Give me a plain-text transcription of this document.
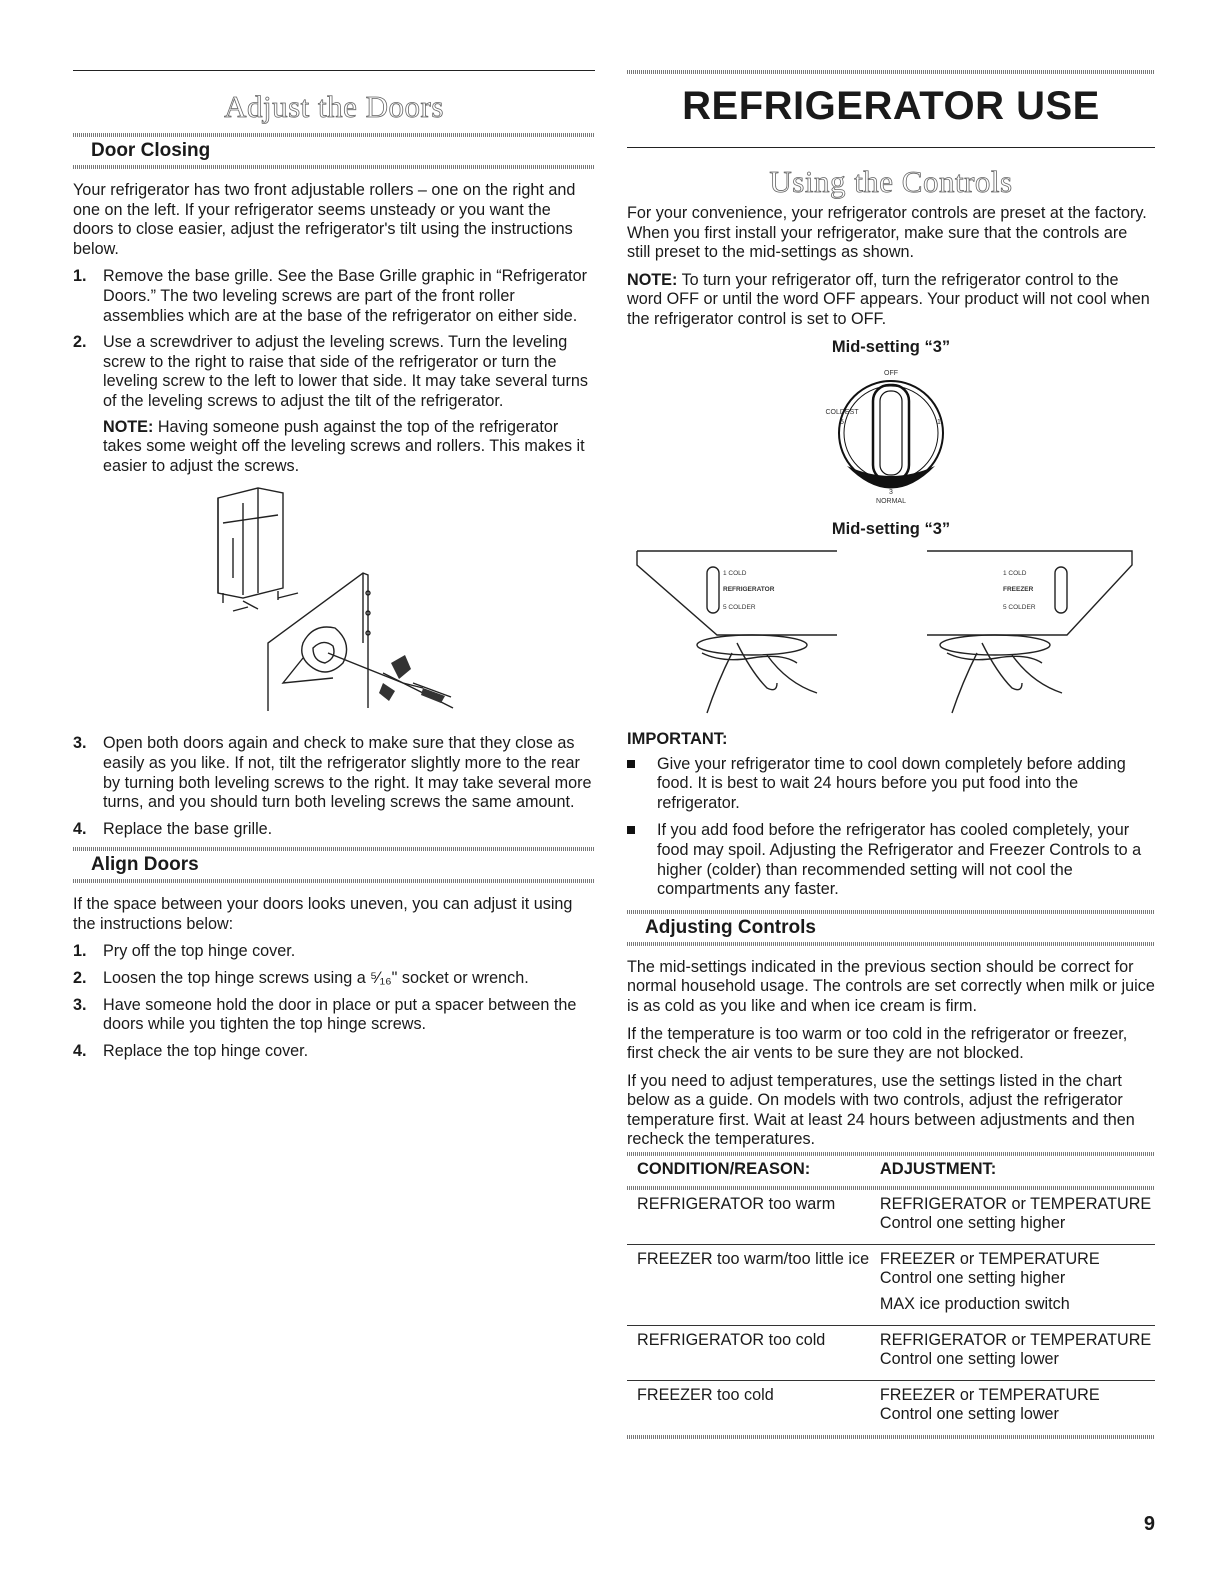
Adjust the Doors
Door Closing

Your refrigerator has two front adjustable rollers – one on the right and one on the left. If your refrigerator seems unsteady or you want the doors to close easier, adjust the refrigerator's tilt using the instructions below.

1. Remove the base grille. See the Base Grille graphic in “Refrigerator Doors.” The two leveling screws are part of the front roller assemblies which are at the base of the refrigerator on either side.
2. Use a screwdriver to adjust the leveling screws. Turn the leveling screw to the right to raise that side of the refrigerator or turn the leveling screw to the left to lower that side. It may take several turns of the leveling screws to adjust the tilt of the refrigerator.
NOTE: Having someone push against the top of the refrigerator takes some weight off the leveling screws and rollers. This makes it easier to adjust the screws.
3. Open both doors again and check to make sure that they close as easily as you like. If not, tilt the refrigerator slightly more to the rear by turning both leveling screws to the right. It may take several more turns, and you should turn both leveling screws the same amount.
4. Replace the base grille.
Align Doors

If the space between your doors looks uneven, you can adjust it using the instructions below:

1. Pry off the top hinge cover.
2. Loosen the top hinge screws using a ⁵⁄₁₆" socket or wrench.
3. Have someone hold the door in place or put a spacer between the doors while you tighten the top hinge screws.
4. Replace the top hinge cover.
REFRIGERATOR USE
Using the Controls

For your convenience, your refrigerator controls are preset at the factory. When you first install your refrigerator, make sure that the controls are still preset to the mid-settings as shown.

NOTE: To turn your refrigerator off, turn the refrigerator control to the word OFF or until the word OFF appears. Your product will not cool when the refrigerator control is set to OFF.

Mid-setting “3”
OFF
COLDEST
5	1
3
NORMAL
Mid-setting “3”
1 COLD
REFRIGERATOR
5 COLDER
1 COLD
FREEZER
5 COLDER
IMPORTANT:
Give your refrigerator time to cool down completely before adding food. It is best to wait 24 hours before you put food into the refrigerator.
If you add food before the refrigerator has cooled completely, your food may spoil. Adjusting the Refrigerator and Freezer Controls to a higher (colder) than recommended setting will not cool the compartments any faster.
Adjusting Controls

The mid-settings indicated in the previous section should be correct for normal household usage. The controls are set correctly when milk or juice is as cold as you like and when ice cream is firm.

If the temperature is too warm or too cold in the refrigerator or freezer, first check the air vents to be sure they are not blocked.

If you need to adjust temperatures, use the settings listed in the chart below as a guide. On models with two controls, adjust the refrigerator temperature first. Wait at least 24 hours between adjustments and then recheck the temperatures.

CONDITION/REASON:	ADJUSTMENT:

REFRIGERATOR too warm	REFRIGERATOR or TEMPERATURE Control one setting higher

FREEZER too warm/too little ice	FREEZER or TEMPERATURE Control one setting higher
MAX ice production switch

REFRIGERATOR too cold	REFRIGERATOR or TEMPERATURE Control one setting lower

FREEZER too cold	FREEZER or TEMPERATURE Control one setting lower
9
